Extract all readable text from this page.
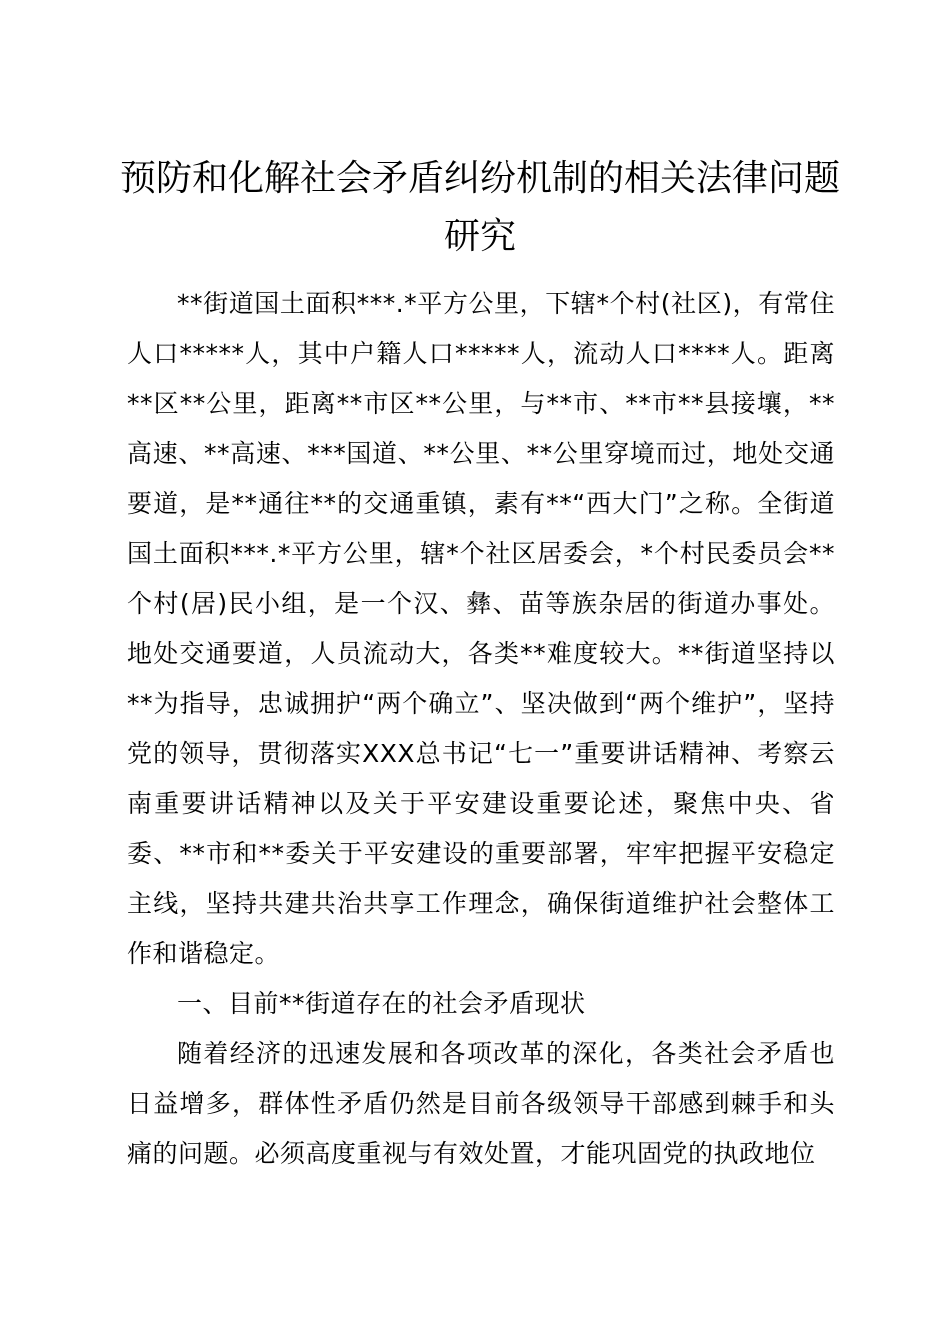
预防和化解社会矛盾纠纷机制的相关法律问题研究

**街道国土面积***.*平方公里，下辖*个村(社区)，有常住人口*****人，其中户籍人口*****人，流动人口****人。距离**区**公里，距离**市区**公里，与**市、**市**县接壤，**高速、**高速、***国道、**公里、**公里穿境而过，地处交通要道，是**通往**的交通重镇，素有**“西大门”之称。全街道国土面积***.*平方公里，辖*个社区居委会，*个村民委员会**个村(居)民小组，是一个汉、彝、苗等族杂居的街道办事处。地处交通要道，人员流动大，各类**难度较大。**街道坚持以**为指导，忠诚拥护“两个确立”、坚决做到“两个维护”，坚持党的领导，贯彻落实XXX总书记“七一”重要讲话精神、考察云南重要讲话精神以及关于平安建设重要论述，聚焦中央、省委、**市和**委关于平安建设的重要部署，牢牢把握平安稳定主线，坚持共建共治共享工作理念，确保街道维护社会整体工作和谐稳定。

一、目前**街道存在的社会矛盾现状

随着经济的迅速发展和各项改革的深化，各类社会矛盾也日益增多，群体性矛盾仍然是目前各级领导干部感到棘手和头痛的问题。必须高度重视与有效处置，才能巩固党的执政地位
